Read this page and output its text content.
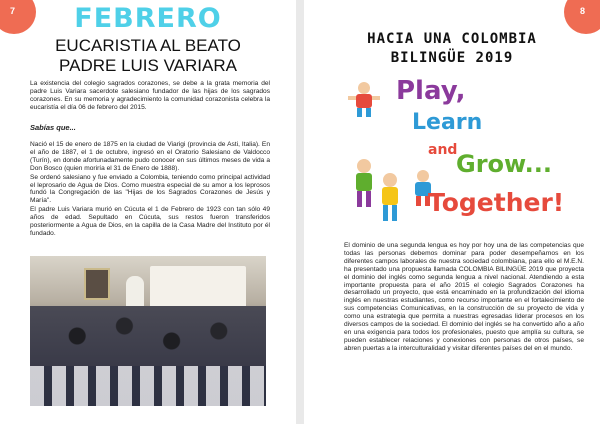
7	FEBRERO
EUCARISTIA AL BEATO
PADRE LUIS VARIARA

La existencia del colegio sagrados corazones, se debe a la grata memoria del padre Luis Variara sacerdote salesiano fundador de las hijas de los sagrados corazones. En su memoria y agradecimiento la comunidad corazonista celebra la eucaristía el día 06 de febrero del 2015.

Sabías que...

Nació el 15 de enero de 1875 en la ciudad de Viarigi (provincia de Asti, Italia). En el año de 1887, el 1 de octubre, ingresó en el Oratorio Salesiano de Valdocco (Turín), en donde afortunadamente pudo conocer en sus últimos meses de vida a Don Bosco (quien moriría el 31 de Enero de 1888).

Se ordenó salesiano y fue enviado a Colombia, teniendo como principal actividad el leprosario de Agua de Dios. Como muestra especial de su amor a los leprosos fundó la Congregación de las "Hijas de los Sagrados Corazones de Jesús y María".

El padre Luis Variara murió en Cúcuta el 1 de Febrero de 1923 con tan sólo 49 años de edad. Sepultado en Cúcuta, sus restos fueron transferidos posteriormente a Agua de Dios, en la capilla de la Casa Madre del Instituto por él fundado.

8
HACIA UNA COLOMBIA
BILINGÜE 2019
Play,
Learn
and
Grow...
Together!

El dominio de una segunda lengua es hoy por hoy una de las competencias que todas las personas debemos dominar para poder desempeñarnos en los diferentes campos laborales de nuestra sociedad colombiana, para ello el M.E.N. ha presentado una propuesta llamada COLOMBIA BILINGÜE 2019 que proyecta el dominio del inglés como segunda lengua a nivel nacional. Atendiendo a esta importante propuesta para el año 2015 el colegio Sagrados Corazones ha desarrollado un proyecto, que está encaminado en la profundización del idioma inglés en nuestras estudiantes, como recurso importante en el fortalecimiento de sus competencias Comunicativas, en la construcción de su proyecto de vida y como una estrategia que permita a nuestras egresadas liderar procesos en los diversos campos de la sociedad. El dominio del inglés se ha convertido año a año en una exigencia para todos los profesionales, puesto que amplía su cultura, se pueden establecer relaciones y conexiones con personas de otros países, se abren puertas a la interculturalidad y visitar diferentes países del en el mundo.
